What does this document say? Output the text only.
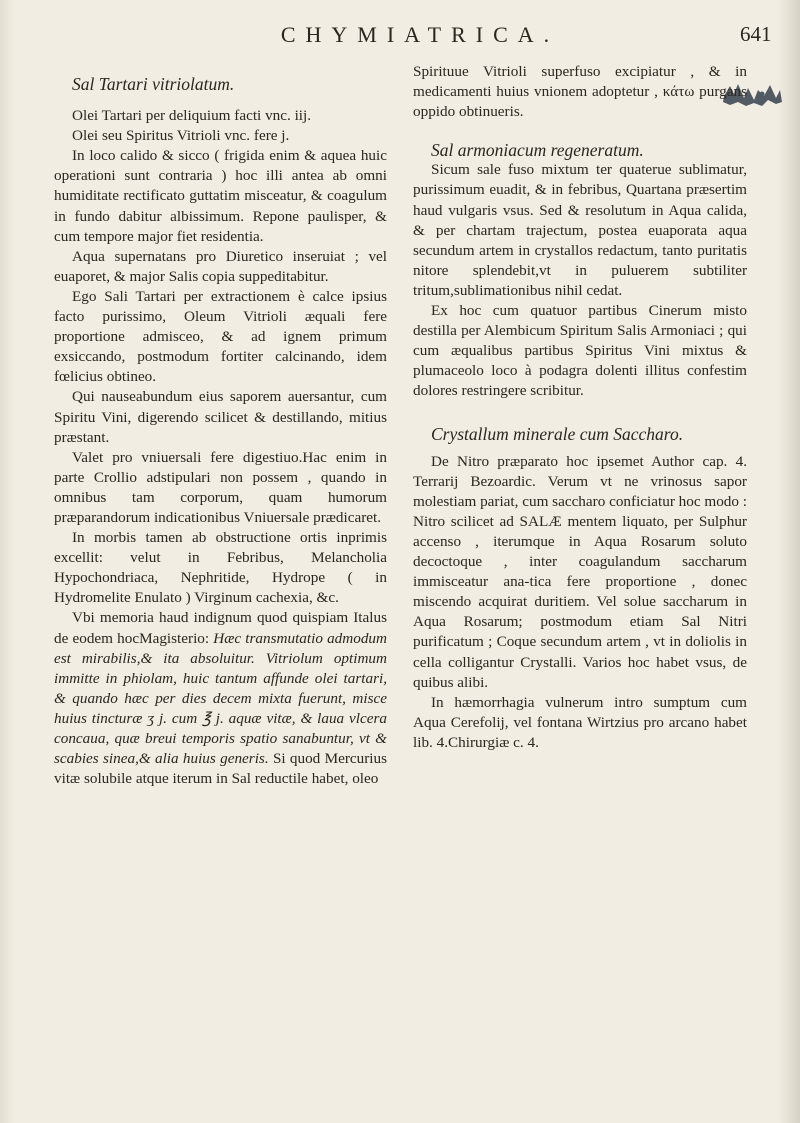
CHYMIATRICA.	641

Sal Tartari vitriolatum.

Olei Tartari per deliquium facti vnc. iij.

Olei seu Spiritus Vitrioli vnc. fere j.

In loco calido & sicco ( frigida enim & aquea huic operationi sunt contraria ) hoc illi antea ab omni humiditate rectificato guttatim misceatur, & coagulum in fundo dabitur albissimum. Repone paulisper, & cum tempore major fiet residentia.

Aqua supernatans pro Diuretico inseruiat ; vel euaporet, & major Salis copia suppeditabitur.

Ego Sali Tartari per extractionem è calce ipsius facto purissimo, Oleum Vitrioli æquali fere proportione admisceo, & ad ignem primum exsiccando, postmodum fortiter calcinando, idem fœlicius obtineo.

Qui nauseabundum eius saporem auersantur, cum Spiritu Vini, digerendo scilicet & destillando, mitius præstant.

Valet pro vniuersali fere digestiuo.Hac enim in parte Crollio adstipulari non possem , quando in omnibus tam corporum, quam humorum præparandorum indicationibus Vniuersale prædicaret.

In morbis tamen ab obstructione ortis inprimis excellit: velut in Febribus, Melancholia Hypochondriaca, Nephritide, Hydrope ( in Hydromelite Enulato ) Virginum cachexia, &c.

Vbi memoria haud indignum quod quispiam Italus de eodem hocMagisterio: Hæc transmutatio admodum est mirabilis,& ita absoluitur. Vitriolum optimum immitte in phiolam, huic tantum affunde olei tartari, & quando hæc per dies decem mixta fuerunt, misce huius tincturæ ʒ j. cum ℥ j. aquæ vitæ, & laua vlcera concaua, quæ breui temporis spatio sanabuntur, vt & scabies sinea,& alia huius generis. Si quod Mercurius vitæ solubile atque iterum in Sal reductile habet, oleo

Spirituue Vitrioli superfuso excipiatur , & in medicamenti huius vnionem adoptetur , κάτω purgans oppido obtinueris.

Sal armoniacum regeneratum.

Sicum sale fuso mixtum ter quaterue sublimatur, purissimum euadit, & in febribus, Quartana præsertim haud vulgaris vsus. Sed & resolutum in Aqua calida, & per chartam trajectum, postea euaporata aqua secundum artem in crystallos redactum, tanto puritatis nitore splendebit,vt in puluerem subtiliter tritum,sublimationibus nihil cedat.

Ex hoc cum quatuor partibus Cinerum misto destilla per Alembicum Spiritum Salis Armoniaci ; qui cum æqualibus partibus Spiritus Vini mixtus & plumaceolo loco à podagra dolenti illitus confestim dolores restringere scribitur.

Crystallum minerale cum Saccharo.

De Nitro præparato hoc ipsemet Author cap. 4. Terrarij Bezoardic. Verum vt ne vrinosus sapor molestiam pariat, cum saccharo conficiatur hoc modo : Nitro scilicet ad SALÆ mentem liquato, per Sulphur accenso , iterumque in Aqua Rosarum soluto decoctoque , inter coagulandum saccharum immisceatur ana-tica fere proportione , donec miscendo acquirat duritiem. Vel solue saccharum in Aqua Rosarum; postmodum etiam Sal Nitri purificatum ; Coque secundum artem , vt in doliolis in cella colligantur Crystalli. Varios hoc habet vsus, de quibus alibi.

In hæmorrhagia vulnerum intro sumptum cum Aqua Cerefolij, vel fontana Wirtzius pro arcano habet lib. 4.Chirurgiæ c. 4.
